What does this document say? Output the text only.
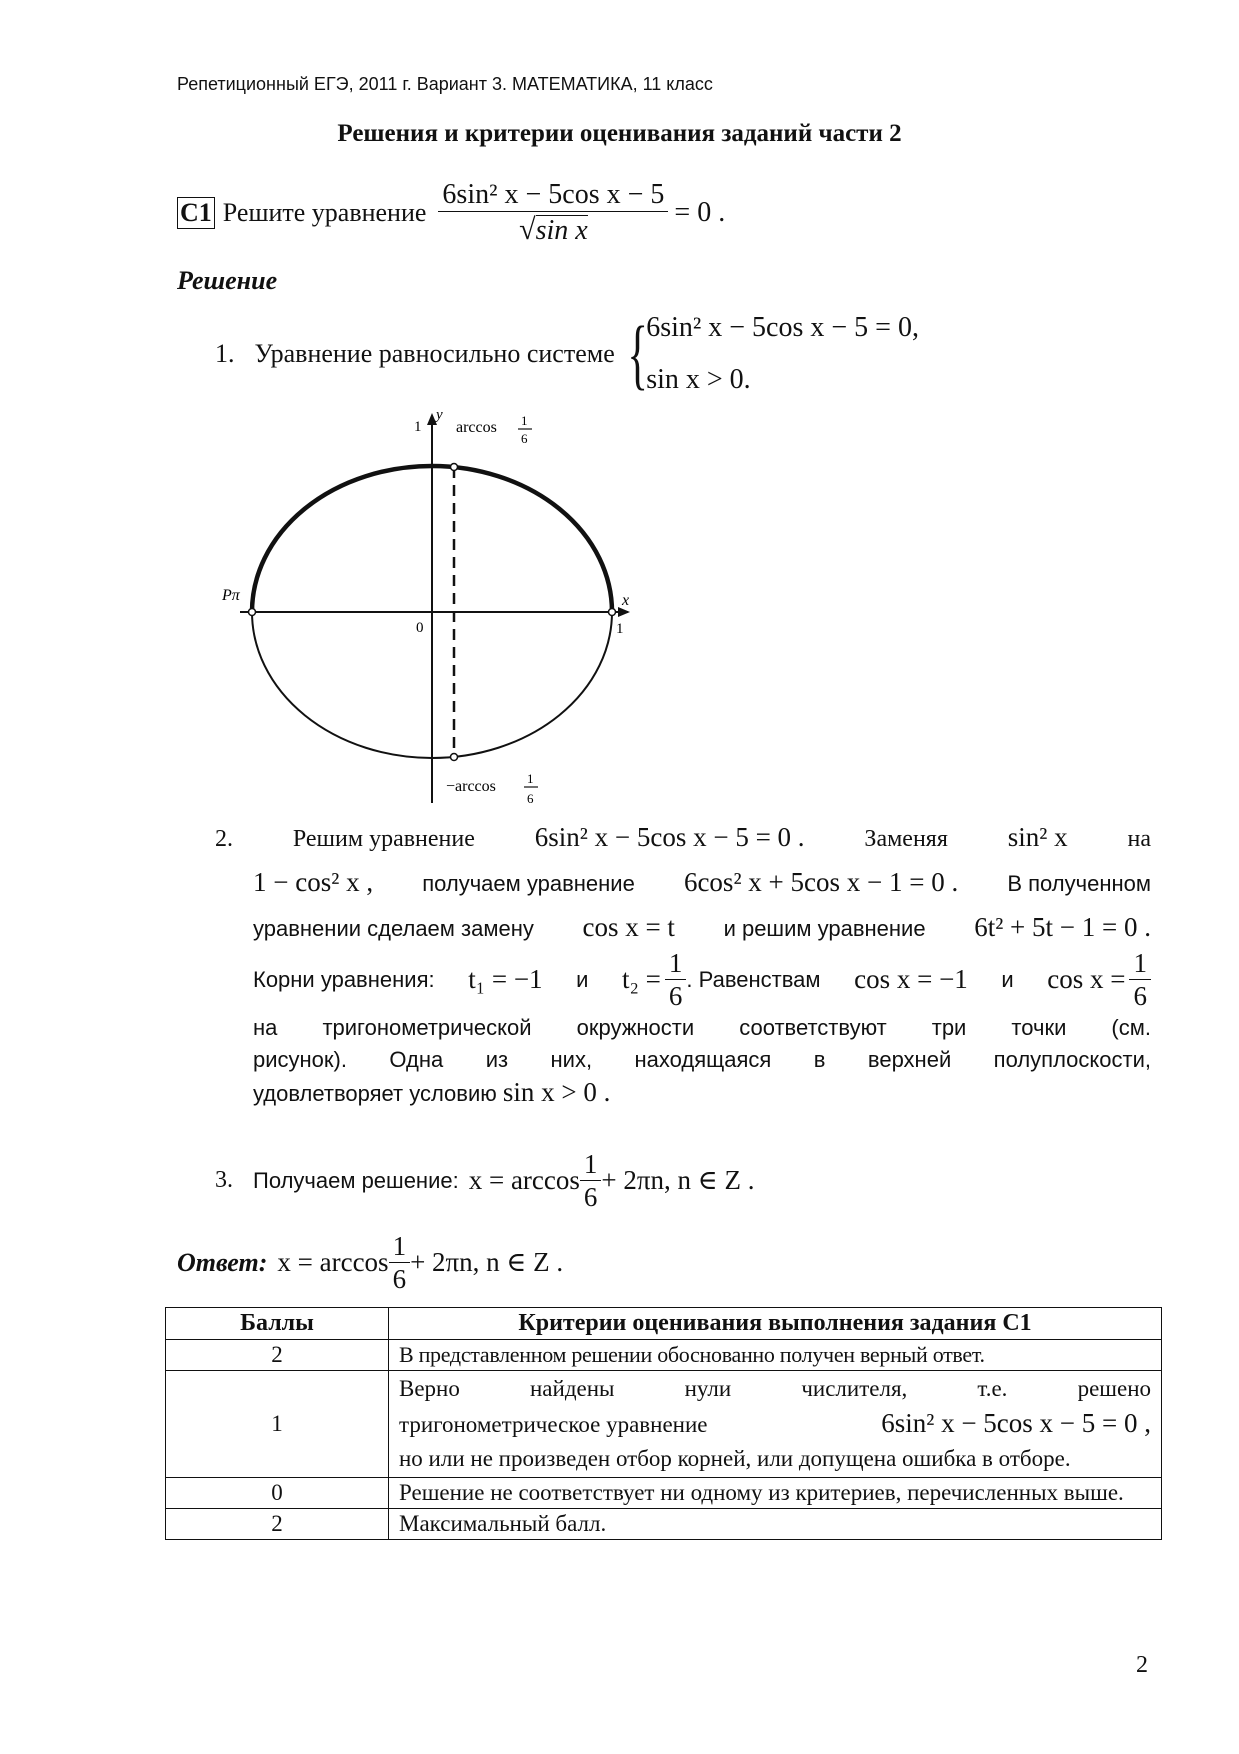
Репетиционный ЕГЭ, 2011 г. Вариант 3. МАТЕМАТИКА, 11 класс
Решения и критерии оценивания заданий части 2
C1 Решите уравнение $\frac{\text{6sin² x − 5cos x − 5}}{\text{√ sin x}} = 0$ .
Решение
1. Уравнение равносильно системе {
6sin² x − 5cos x − 5 = 0,
sin x > 0.
y
1
x
1
0
Pπ
arccos 1
6
−arccos 1
6
2. Решим уравнение 6sin² x − 5cos x − 5 = 0 . Заменяя sin² x на
1 − cos² x , получаем уравнение 6cos² x + 5cos x − 1 = 0 . В полученном
уравнении сделаем замену cos x = t и решим уравнение 6t² + 5t − 1 = 0 .
Корни уравнения: t₁ = −1 и $t_2 = \frac{1}{6}$ . Равенствам cos x = −1 и $\cos x = \frac{1}{6}$
на тригонометрической окружности соответствуют три точки (см.
рисунок). Одна из них, находящаяся в верхней полуплоскости,
удовлетворяет условию sin x > 0 .
3. Получаем решение: $x = \arccos \frac{1}{6} + 2\pi n$, n ∈ Z .
Ответ: $x = \arccos \frac{1}{6} + 2\pi n$, n ∈ Z .
Баллы	Критерии оценивания выполнения задания С1
2	В представленном решении обоснованно получен верный ответ.
1	Верно найдены нули числителя, т.е. решено
тригонометрическое уравнение 6sin² x − 5cos x − 5 = 0 ,
но или не произведен отбор корней, или допущена ошибка в отборе.

0	Решение не соответствует ни одному из критериев, перечисленных выше.
2	Максимальный балл.
2
